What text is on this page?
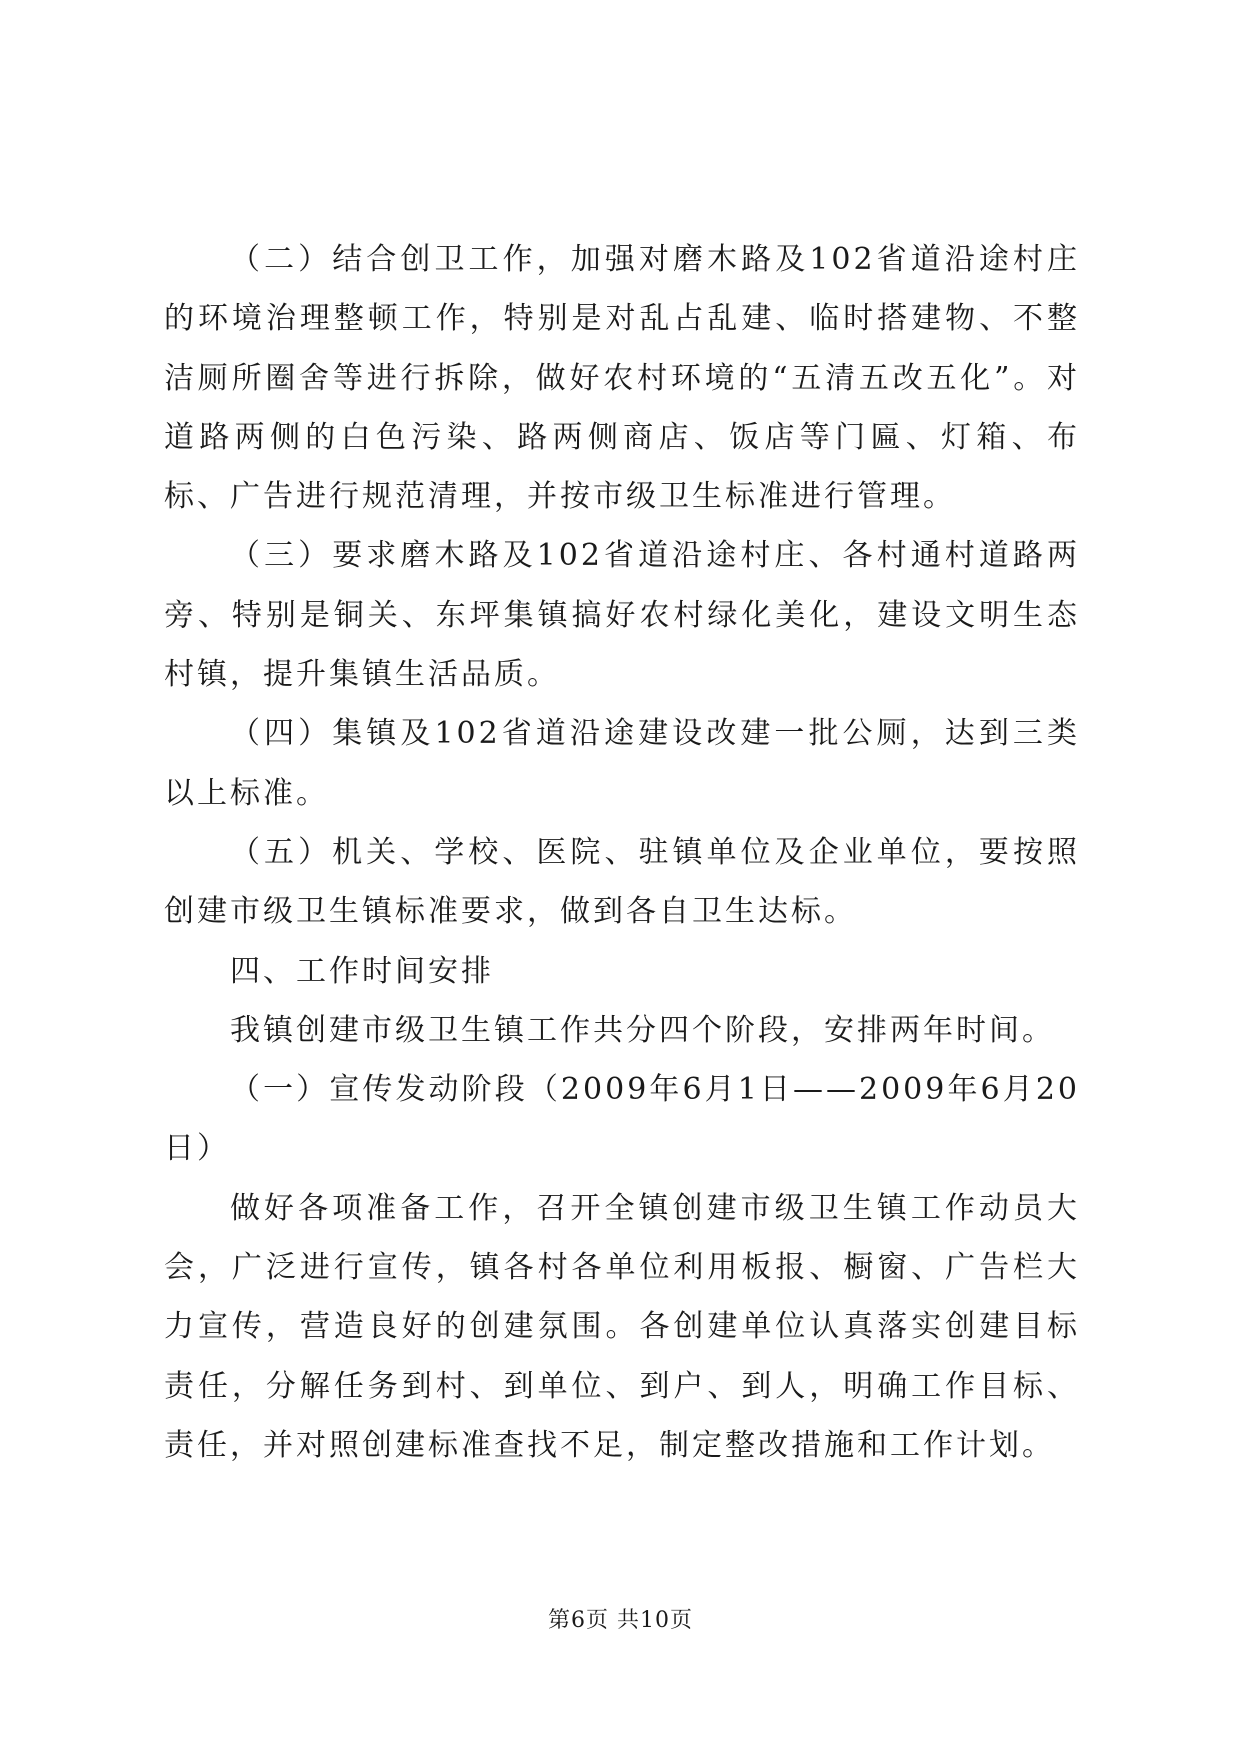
（二）结合创卫工作，加强对磨木路及102省道沿途村庄的环境治理整顿工作，特别是对乱占乱建、临时搭建物、不整洁厕所圈舍等进行拆除，做好农村环境的“五清五改五化”。对道路两侧的白色污染、路两侧商店、饭店等门匾、灯箱、布标、广告进行规范清理，并按市级卫生标准进行管理。

（三）要求磨木路及102省道沿途村庄、各村通村道路两旁、特别是铜关、东坪集镇搞好农村绿化美化，建设文明生态村镇，提升集镇生活品质。

（四）集镇及102省道沿途建设改建一批公厕，达到三类以上标准。

（五）机关、学校、医院、驻镇单位及企业单位，要按照创建市级卫生镇标准要求，做到各自卫生达标。

四、工作时间安排

我镇创建市级卫生镇工作共分四个阶段，安排两年时间。

（一）宣传发动阶段（2009年6月1日——2009年6月20日）

做好各项准备工作，召开全镇创建市级卫生镇工作动员大会，广泛进行宣传，镇各村各单位利用板报、橱窗、广告栏大力宣传，营造良好的创建氛围。各创建单位认真落实创建目标责任，分解任务到村、到单位、到户、到人，明确工作目标、责任，并对照创建标准查找不足，制定整改措施和工作计划。

第6页 共10页
